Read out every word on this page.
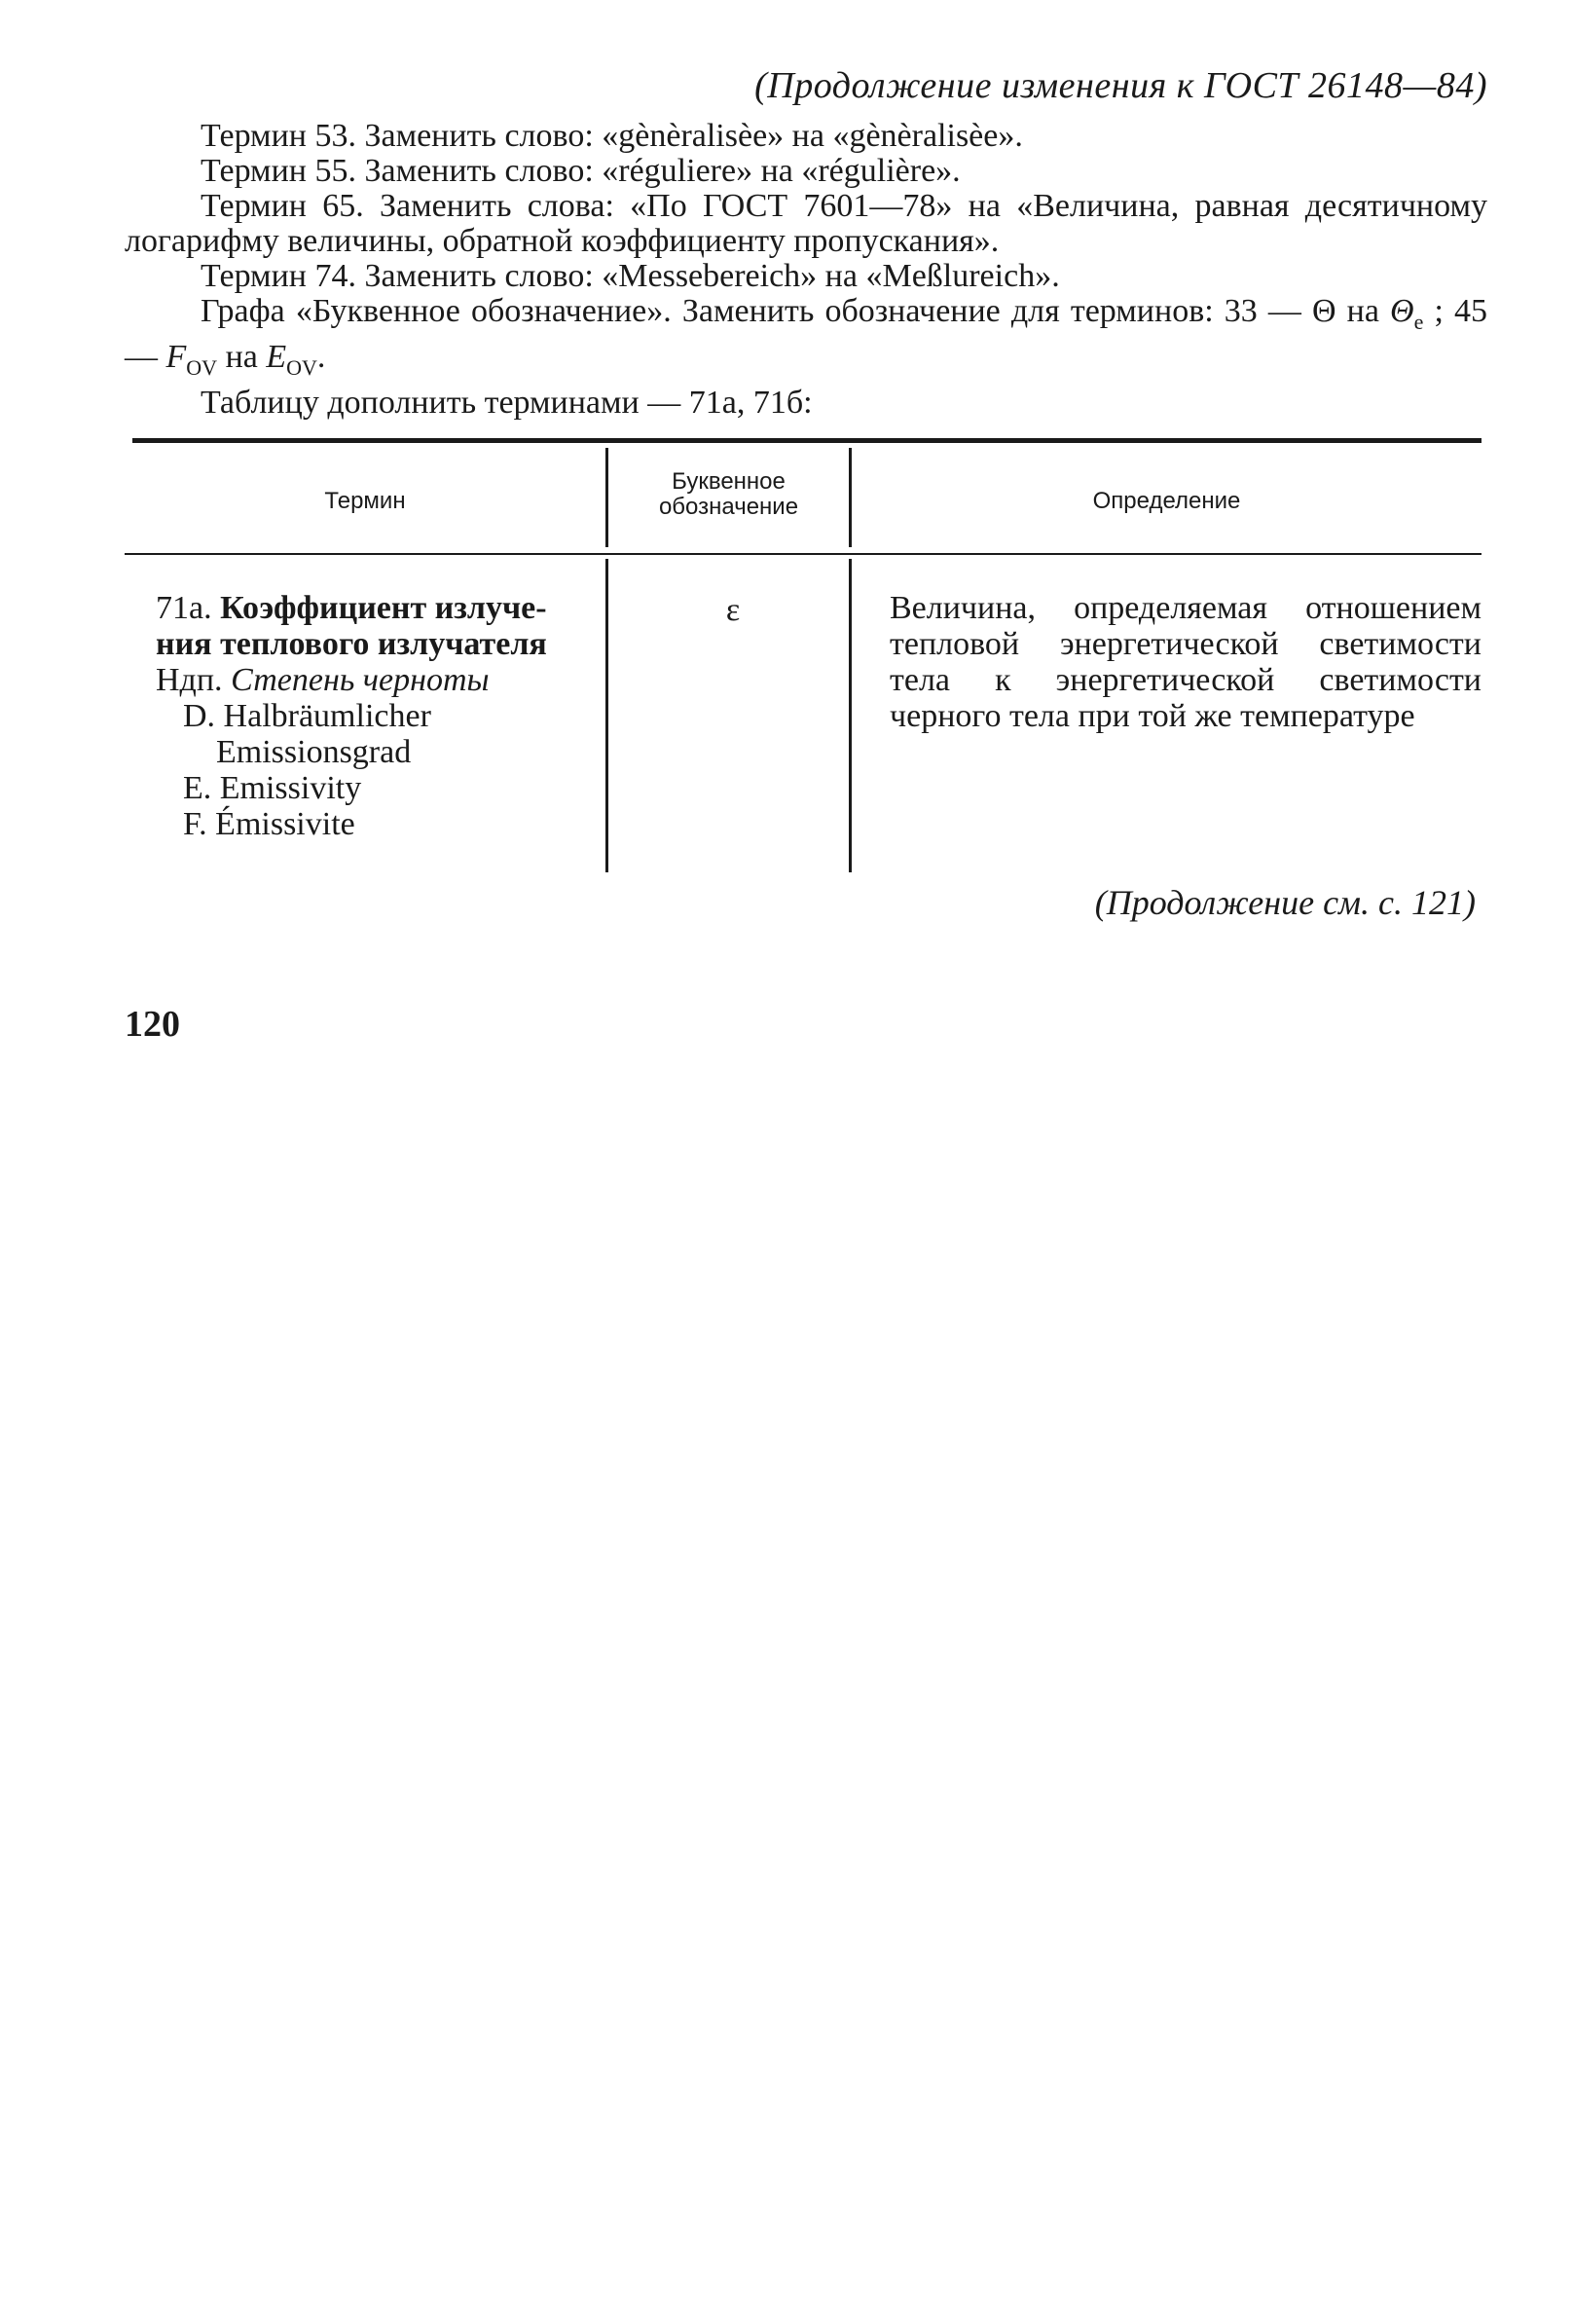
(Продолжение изменения к ГОСТ 26148—84)

Термин 53. Заменить слово: «gènèralisèe» на «gènèralisèe».

Термин 55. Заменить слово: «réguliere» на «régulière».

Термин 65. Заменить слова: «По ГОСТ 7601—78» на «Величина, равная десятичному логарифму величины, обратной коэффициенту пропускания».

Термин 74. Заменить слово: «Messebereich» на «Meßlureich».

Графа «Буквенное обозначение». Заменить обозначение для терминов: 33 — Θ на $\Theta_e$ ; 45 — $F_{OV}$ на $E_{OV}$.

Таблицу дополнить терминами — 71а, 71б:

Термин
Буквенное
обозначение	Определение
71а. Коэффициент излуче-
ния теплового излучателя
Ндп. Степень черноты
D. Halbräumlicher
Emissionsgrad
E. Emissivity
F. Émissivite
ε	Величина, определяемая отношением тепловой энергетической светимости тела к энергетической светимости черного тела при той же температуре
(Продолжение см. с. 121)
120
